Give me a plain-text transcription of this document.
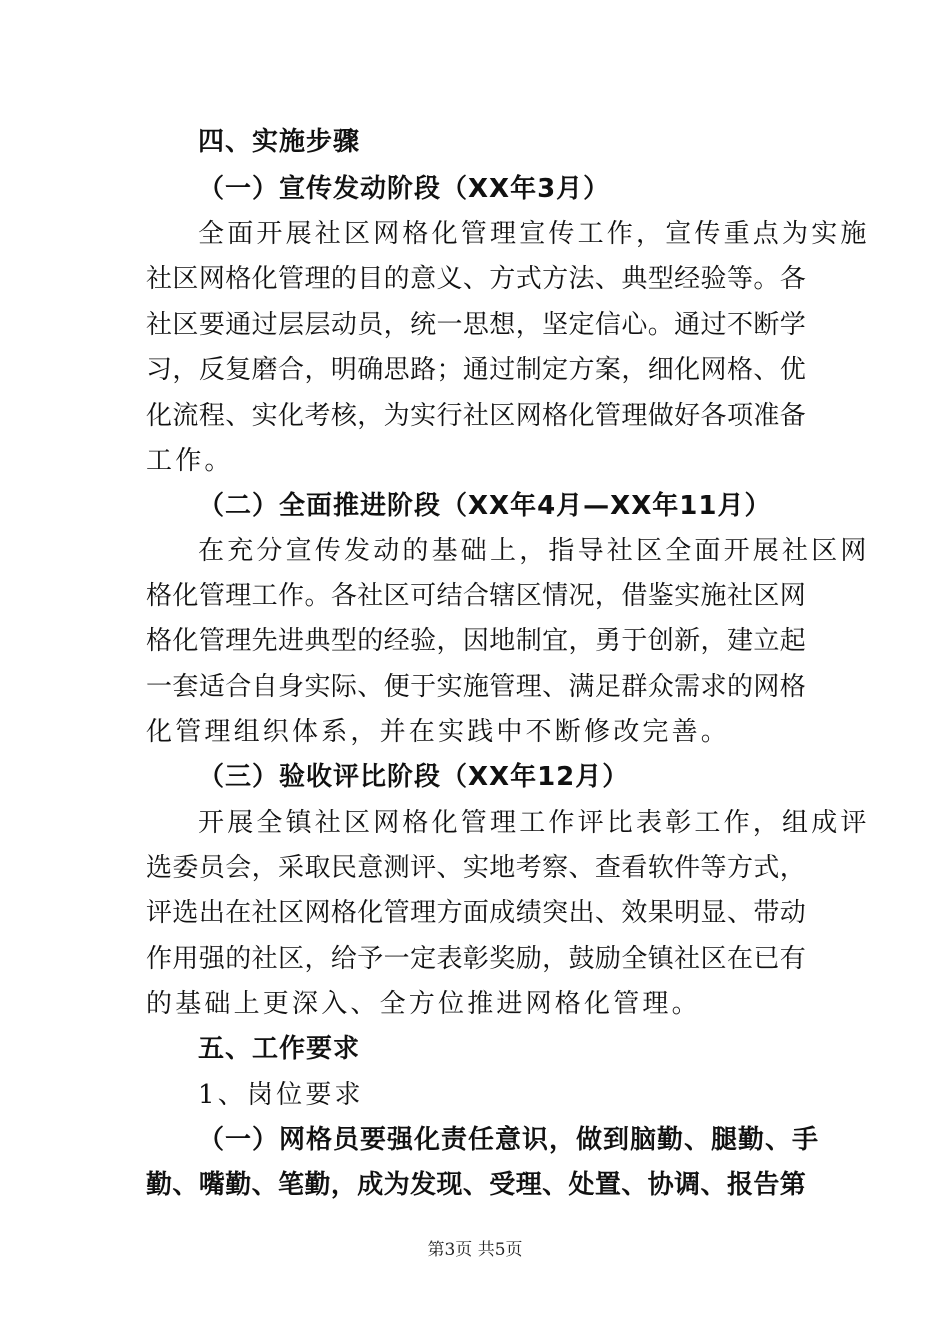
四、实施步骤
（一）宣传发动阶段（XX年3月）
全面开展社区网格化管理宣传工作，宣传重点为实施
社 区 网 格 化 管 理 的 目 的 意 义 、 方 式 方 法 、 典 型 经 验 等 。 各
社 区 要 通 过 层 层 动 员 ， 统 一 思 想 ， 坚 定 信 心 。 通 过 不 断 学
习 ， 反 复 磨 合 ， 明 确 思 路 ； 通 过 制 定 方 案 ， 细 化 网 格 、 优
化 流 程 、 实 化 考 核 ， 为 实 行 社 区 网 格 化 管 理 做 好 各 项 准 备
工作。
（二）全面推进阶段（XX年4月—XX年11月）
在充分宣传发动的基础上，指导社区全面开展社区网
格 化 管 理 工 作 。 各 社 区 可 结 合 辖 区 情 况 ， 借 鉴 实 施 社 区 网
格 化 管 理 先 进 典 型 的 经 验 ， 因 地 制 宜 ， 勇 于 创 新 ， 建 立 起
一 套 适 合 自 身 实 际 、 便 于 实 施 管 理 、 满 足 群 众 需 求 的 网 格
化管理组织体系，并在实践中不断修改完善。
（三）验收评比阶段（XX年12月）
开展全镇社区网格化管理工作评比表彰工作，组成评
选 委 员 会 ， 采 取 民 意 测 评 、 实 地 考 察 、 查 看 软 件 等 方 式 ，
评 选 出 在 社 区 网 格 化 管 理 方 面 成 绩 突 出 、 效 果 明 显 、 带 动
作 用 强 的 社 区 ， 给 予 一 定 表 彰 奖 励 ， 鼓 励 全 镇 社 区 在 已 有
的基础上更深入、全方位推进网格化管理。
五、工作要求
1、岗位要求
（一）网格员要强化责任意识，做到脑勤、腿勤、手
勤 、 嘴 勤 、 笔 勤 ， 成 为 发 现 、 受 理 、 处 置 、 协 调 、 报 告 第
第3页 共5页
